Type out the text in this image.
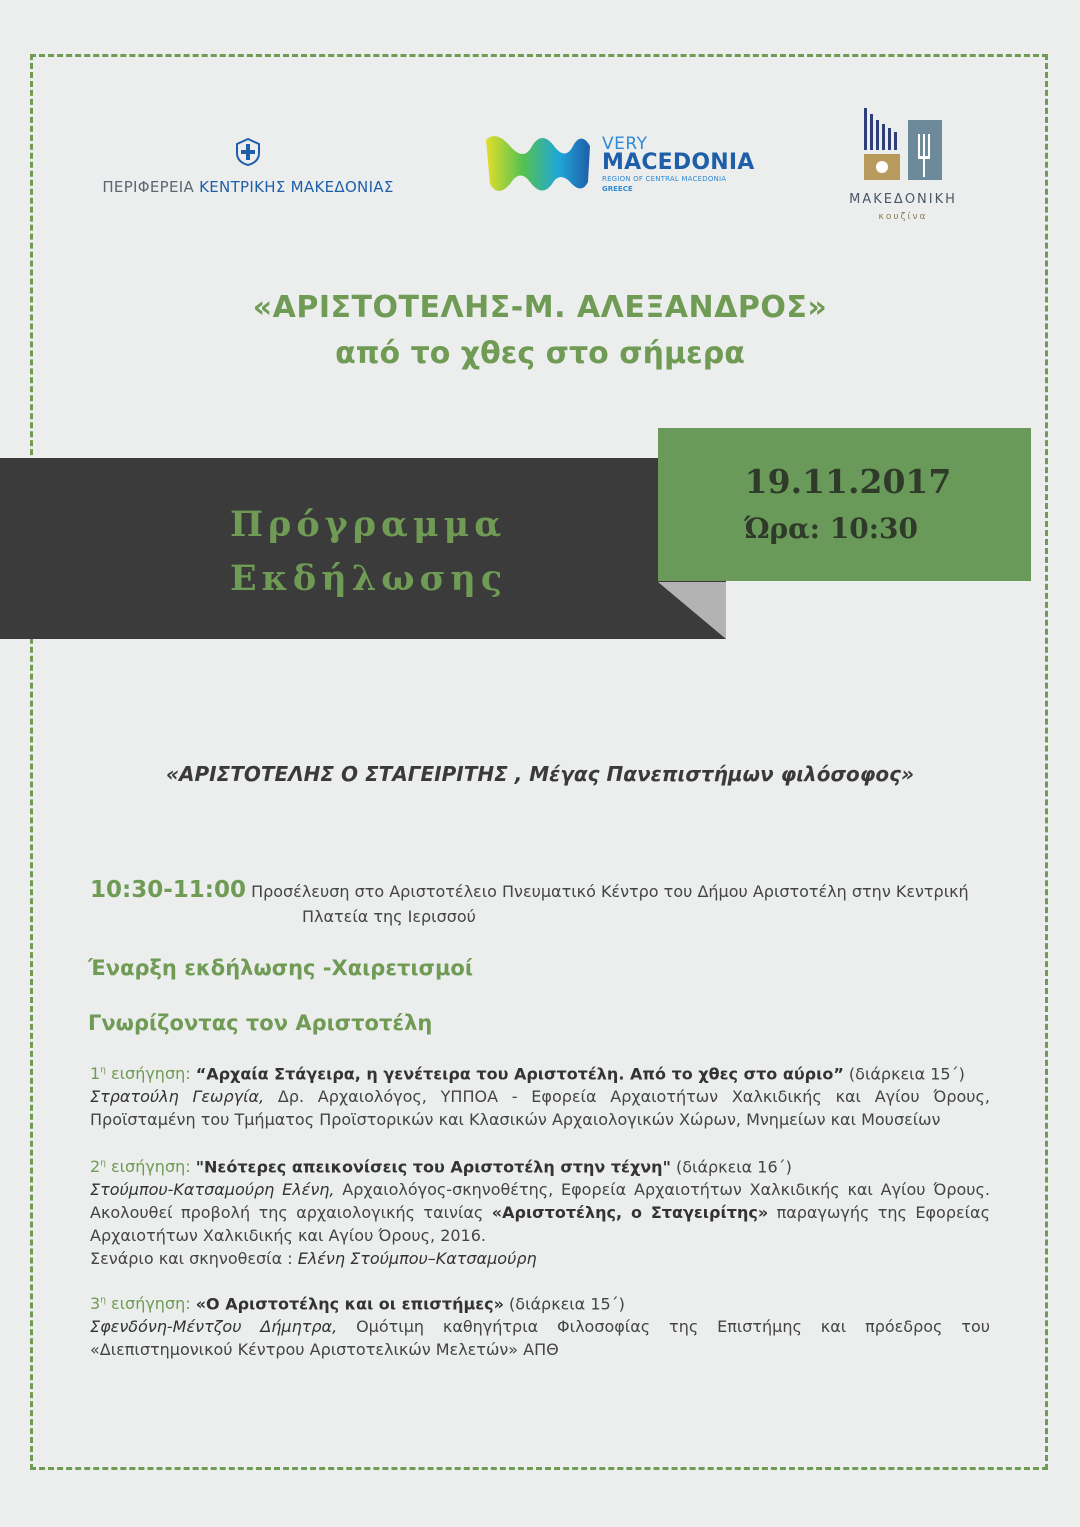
ΠΕΡΙΦΕΡΕΙΑ ΚΕΝΤΡΙΚΗΣ ΜΑΚΕΔΟΝΙΑΣ
VERY
MACEDONIA
REGION OF CENTRAL MACEDONIA
GREECE
ΜΑΚΕΔΟΝΙΚΗ
κουζίνα
«ΑΡΙΣΤΟΤΕΛΗΣ-Μ. ΑΛΕΞΑΝΔΡΟΣ»
από το χθες στο σήμερα
Πρόγραμμα
Εκδήλωσης
19.11.2017
Ώρα: 10:30
«ΑΡΙΣΤΟΤΕΛΗΣ Ο ΣΤΑΓΕΙΡΙΤΗΣ , Μέγας Πανεπιστήμων φιλόσοφος»
10:30-11:00 Προσέλευση στο Αριστοτέλειο Πνευματικό Κέντρο του Δήμου Αριστοτέλη στην Κεντρική
Πλατεία της Ιερισσού
Έναρξη εκδήλωσης -Χαιρετισμοί
Γνωρίζοντας τον Αριστοτέλη
$1^\eta$ εισήγηση: “Αρχαία Στάγειρα, η γενέτειρα του Αριστοτέλη. Από το χθες στο αύριο” (διάρκεια 15΄)
Στρατούλη Γεωργία, Δρ. Αρχαιολόγος, ΥΠΠΟΑ - Εφορεία Αρχαιοτήτων Χαλκιδικής και Αγίου Όρους, Προϊσταμένη του Τμήματος Προϊστορικών και Κλασικών Αρχαιολογικών Χώρων, Μνημείων και Μουσείων
$2^\eta$ εισήγηση: "Νεότερες απεικονίσεις του Αριστοτέλη στην τέχνη" (διάρκεια 16΄)
Στούμπου-Κατσαμούρη Ελένη, Αρχαιολόγος-σκηνοθέτης, Εφορεία Αρχαιοτήτων Χαλκιδικής και Αγίου Όρους. Ακολουθεί προβολή της αρχαιολογικής ταινίας «Αριστοτέλης, ο Σταγειρίτης» παραγωγής της Εφορείας Αρχαιοτήτων Χαλκιδικής και Αγίου Όρους, 2016.
Σενάριο και σκηνοθεσία : Ελένη Στούμπου–Κατσαμούρη
$3^\eta$ εισήγηση: «Ο Αριστοτέλης και οι επιστήμες» (διάρκεια 15΄)
Σφενδόνη-Μέντζου Δήμητρα, Ομότιμη καθηγήτρια Φιλοσοφίας της Επιστήμης και πρόεδρος του «Διεπιστημονικού Κέντρου Αριστοτελικών Μελετών» ΑΠΘ
